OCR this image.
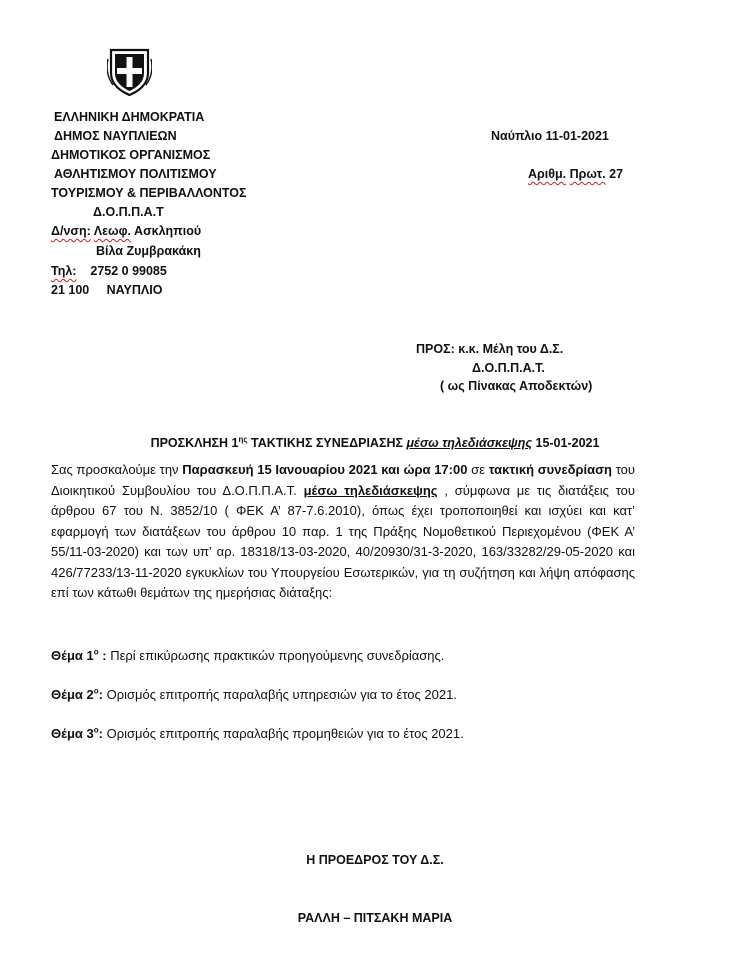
ΕΛΛΗΝΙΚΗ ΔΗΜΟΚΡΑΤΙΑ
ΔΗΜΟΣ ΝΑΥΠΛΙΕΩΝ
ΔΗΜΟΤΙΚΟΣ ΟΡΓΑΝΙΣΜΟΣ
ΑΘΛΗΤΙΣΜΟΥ ΠΟΛΙΤΙΣΜΟΥ
ΤΟΥΡΙΣΜΟΥ & ΠΕΡΙΒΑΛΛΟΝΤΟΣ
Δ.Ο.Π.Π.Α.Τ
Δ/νση: Λεωφ. Ασκληπιού
Βίλα Ζυμβρακάκη
Τηλ: 2752 0 99085
21 100     ΝΑΥΠΛΙΟ
Ναύπλιο 11-01-2021
Αριθμ. Πρωτ. 27
ΠΡΟΣ: κ.κ. Μέλη του Δ.Σ.
Δ.Ο.Π.Π.Α.Τ.
( ως Πίνακας Αποδεκτών)
ΠΡΟΣΚΛΗΣΗ $1^{\eta\varsigma}$ ΤΑΚΤΙΚΗΣ ΣΥΝΕΔΡΙΑΣΗΣ μέσω τηλεδιάσκεψης 15-01-2021
Σας προσκαλούμε την Παρασκευή 15 Ιανουαρίου 2021 και ώρα 17:00 σε τακτική συνεδρίαση του Διοικητικού Συμβουλίου του Δ.Ο.Π.Π.Α.Τ. μέσω τηλεδιάσκεψης , σύμφωνα με τις διατάξεις του άρθρου 67 του Ν. 3852/10 ( ΦΕΚ Α’ 87-7.6.2010), όπως έχει τροποποιηθεί και ισχύει και κατ’ εφαρμογή των διατάξεων του άρθρου 10 παρ. 1 της Πράξης Νομοθετικού Περιεχομένου (ΦΕΚ Α’ 55/11-03-2020) και των υπ’ αρ. 18318/13-03-2020, 40/20930/31-3-2020, 163/33282/29-05-2020 και 426/77233/13-11-2020 εγκυκλίων του Υπουργείου Εσωτερικών, για τη συζήτηση και λήψη απόφασης επί των κάτωθι θεμάτων της ημερήσιας διάταξης:
Θέμα $1^o$ : Περί επικύρωσης πρακτικών προηγούμενης συνεδρίασης.
Θέμα $2^o$: Ορισμός επιτροπής παραλαβής υπηρεσιών για το έτος 2021.
Θέμα $3^o$: Ορισμός επιτροπής παραλαβής προμηθειών για το έτος 2021.
Η ΠΡΟΕΔΡΟΣ ΤΟΥ Δ.Σ.
ΡΑΛΛΗ – ΠΙΤΣΑΚΗ ΜΑΡΙΑ
